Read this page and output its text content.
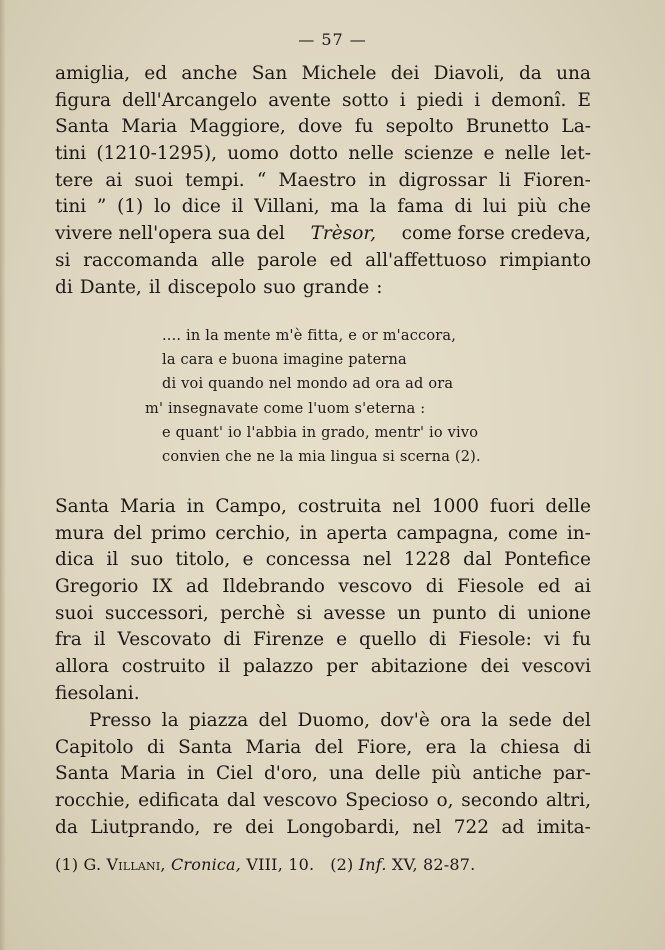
— 57 —
amiglia, ed anche San Michele dei Diavoli, da una
figura dell'Arcangelo avente sotto i piedi i demonî. E
Santa Maria Maggiore, dove fu sepolto Brunetto La-
tini (1210-1295), uomo dotto nelle scienze e nelle let-
tere ai suoi tempi. “ Maestro in digrossar li Fioren-
tini ” (1) lo dice il Villani, ma la fama di lui più che
vivere nell'opera sua del Trèsor, come forse credeva,
si raccomanda alle parole ed all'affettuoso rimpianto
di Dante, il discepolo suo grande :
.... in la mente m'è fitta, e or m'accora,
la cara e buona imagine paterna
di voi quando nel mondo ad ora ad ora
m' insegnavate come l'uom s'eterna :
e quant' io l'abbia in grado, mentr' io vivo
convien che ne la mia lingua si scerna (2).
Santa Maria in Campo, costruita nel 1000 fuori delle
mura del primo cerchio, in aperta campagna, come in-
dica il suo titolo, e concessa nel 1228 dal Pontefice
Gregorio IX ad Ildebrando vescovo di Fiesole ed ai
suoi successori, perchè si avesse un punto di unione
fra il Vescovato di Firenze e quello di Fiesole: vi fu
allora costruito il palazzo per abitazione dei vescovi
fiesolani.
Presso la piazza del Duomo, dov'è ora la sede del
Capitolo di Santa Maria del Fiore, era la chiesa di
Santa Maria in Ciel d'oro, una delle più antiche par-
rocchie, edificata dal vescovo Specioso o, secondo altri,
da Liutprando, re dei Longobardi, nel 722 ad imita-
(1) G. Villani, Cronica, VIII, 10. (2) Inf. XV, 82-87.
